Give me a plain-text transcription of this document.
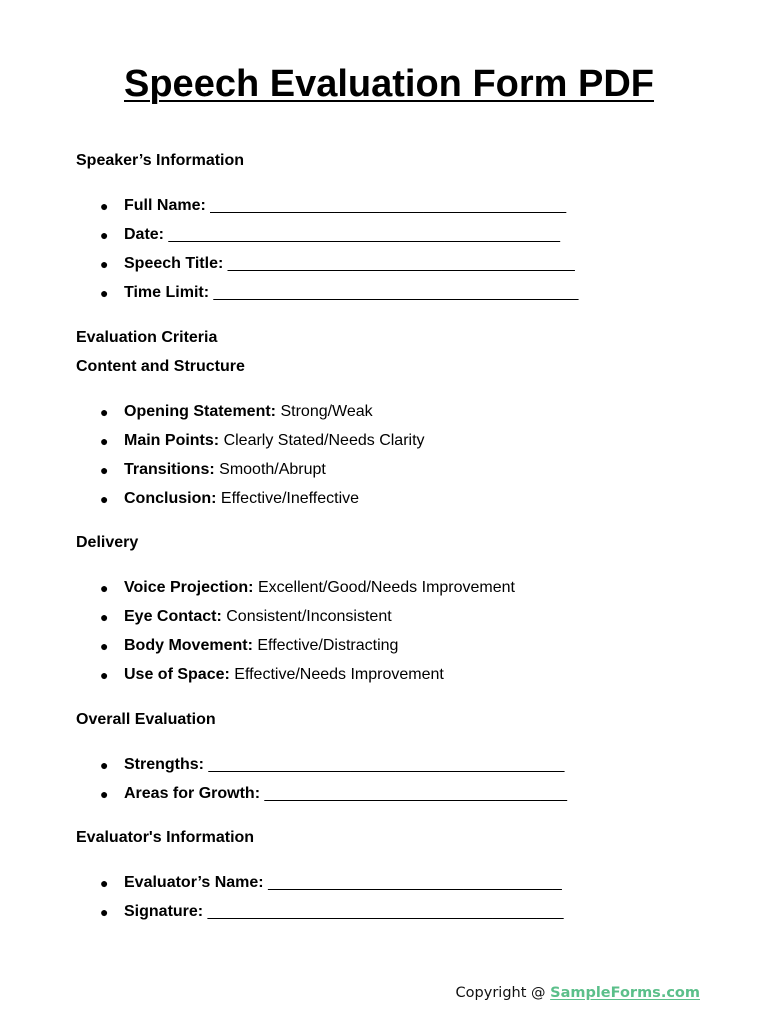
Speech Evaluation Form PDF
Speaker’s Information
● Full Name: ________________________________________
● Date: ____________________________________________
● Speech Title: _______________________________________
● Time Limit: _________________________________________
Evaluation Criteria
Content and Structure
● Opening Statement: Strong/Weak
● Main Points: Clearly Stated/Needs Clarity
● Transitions: Smooth/Abrupt
● Conclusion: Effective/Ineffective
Delivery
● Voice Projection: Excellent/Good/Needs Improvement
● Eye Contact: Consistent/Inconsistent
● Body Movement: Effective/Distracting
● Use of Space: Effective/Needs Improvement
Overall Evaluation
● Strengths: ________________________________________
● Areas for Growth: __________________________________
Evaluator's Information
● Evaluator’s Name: _________________________________
● Signature: ________________________________________
Copyright @ SampleForms.com
